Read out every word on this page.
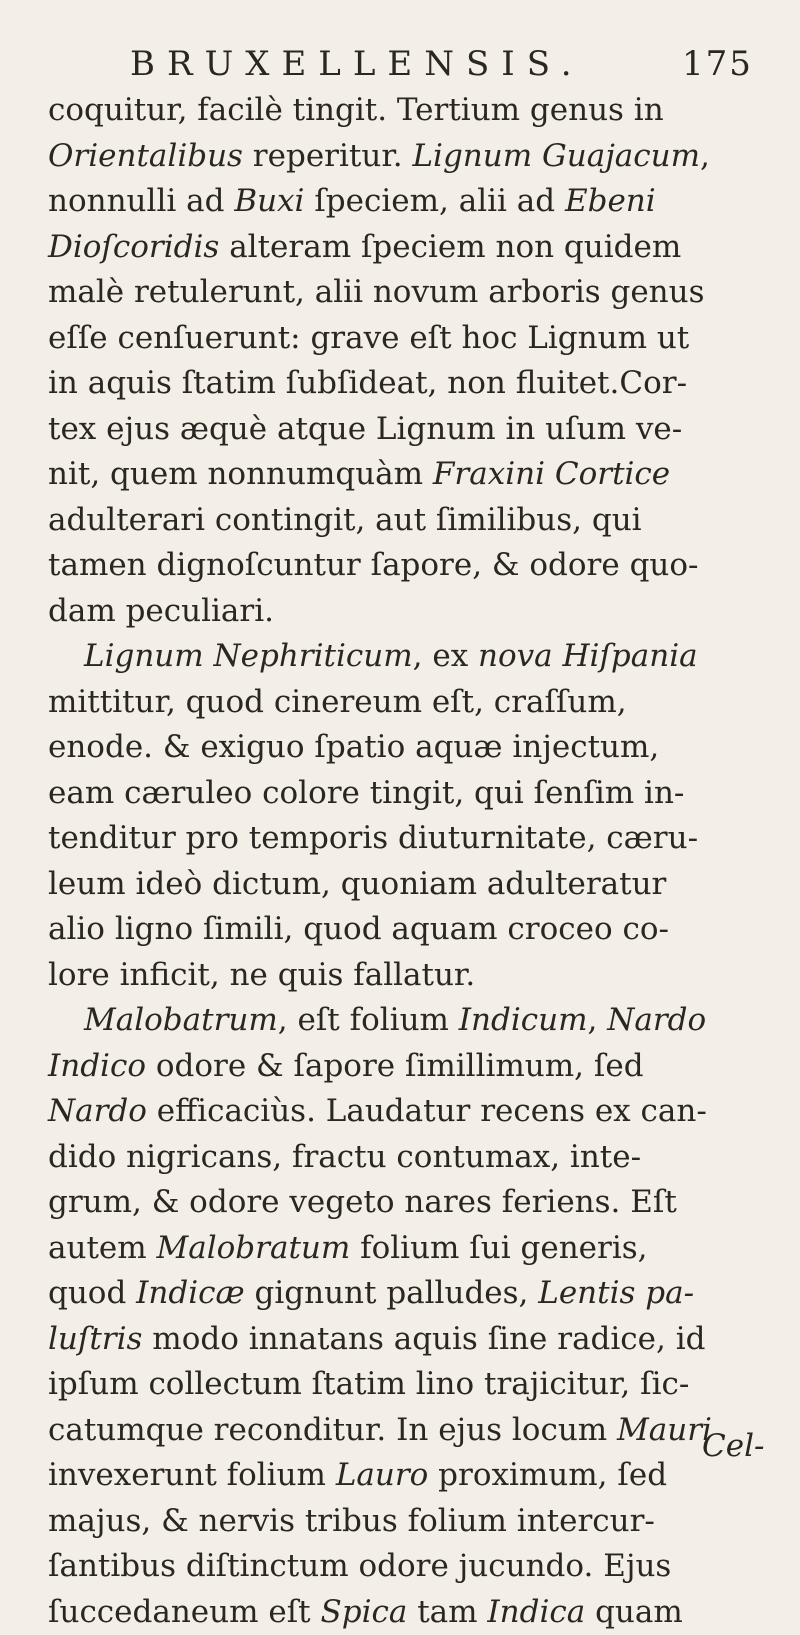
BRUXELLENSIS.	175
coquitur, facilè tingit. Tertium genus in
Orientalibus reperitur. Lignum Guajacum,
nonnulli ad Buxi ſpeciem, alii ad Ebeni
Dioſcoridis alteram ſpeciem non quidem
malè retulerunt, alii novum arboris genus
eſſe cenſuerunt: grave eſt hoc Lignum ut
in aquis ſtatim ſubſideat, non fluitet.Cor-
tex ejus æquè atque Lignum in uſum ve-
nit, quem nonnumquàm Fraxini Cortice
adulterari contingit, aut ſimilibus, qui
tamen dignoſcuntur ſapore, & odore quo-
dam peculiari.
Lignum Nephriticum, ex nova Hiſpania
mittitur, quod cinereum eſt, craſſum,
enode. & exiguo ſpatio aquæ injectum,
eam cæruleo colore tingit, qui ſenſim in-
tenditur pro temporis diuturnitate, cæru-
leum ideò dictum, quoniam adulteratur
alio ligno ſimili, quod aquam croceo co-
lore inficit, ne quis fallatur.
Malobatrum, eſt folium Indicum, Nardo
Indico odore & ſapore ſimillimum, ſed
Nardo efficaciùs. Laudatur recens ex can-
dido nigricans, fractu contumax, inte-
grum, & odore vegeto nares feriens. Eſt
autem Malobratum folium ſui generis,
quod Indicæ gignunt palludes, Lentis pa-
luſtris modo innatans aquis ſine radice, id
ipſum collectum ſtatim lino trajicitur, ſic-
catumque reconditur. In ejus locum Mauri
invexerunt folium Lauro proximum, ſed
majus, & nervis tribus folium intercur-
ſantibus diſtinctum odore jucundo. Ejus
ſuccedaneum eſt Spica tam Indica quam
Cel-
